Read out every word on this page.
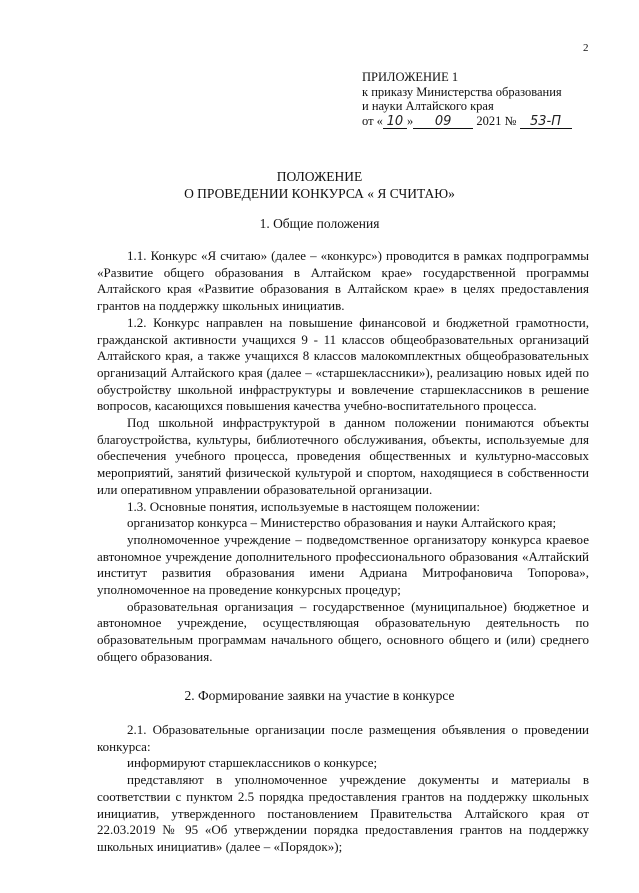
2
ПРИЛОЖЕНИЕ 1
к приказу Министерства образования
и науки Алтайского края
от « 10 » 09 2021 № 53-П
ПОЛОЖЕНИЕ
О ПРОВЕДЕНИИ КОНКУРСА « Я СЧИТАЮ»
1. Общие положения

1.1. Конкурс «Я считаю» (далее – «конкурс») проводится в рамках подпрограммы «Развитие общего образования в Алтайском крае» государственной программы Алтайского края «Развитие образования в Алтайском крае» в целях предоставления грантов на поддержку школьных инициатив.

1.2. Конкурс направлен на повышение финансовой и бюджетной грамотности, гражданской активности учащихся 9 - 11 классов общеобразовательных организаций Алтайского края, а также учащихся 8 классов малокомплектных общеобразовательных организаций Алтайского края (далее – «старшеклассники»), реализацию новых идей по обустройству школьной инфраструктуры и вовлечение старшеклассников в решение вопросов, касающихся повышения качества учебно-воспитательного процесса.

Под школьной инфраструктурой в данном положении понимаются объекты благоустройства, культуры, библиотечного обслуживания, объекты, используемые для обеспечения учебного процесса, проведения общественных и культурно-массовых мероприятий, занятий физической культурой и спортом, находящиеся в собственности или оперативном управлении образовательной организации.

1.3. Основные понятия, используемые в настоящем положении:

организатор конкурса – Министерство образования и науки Алтайского края;

уполномоченное учреждение – подведомственное организатору конкурса краевое автономное учреждение дополнительного профессионального образования «Алтайский институт развития образования имени Адриана Митрофановича Топорова», уполномоченное на проведение конкурсных процедур;

образовательная организация – государственное (муниципальное) бюджетное и автономное учреждение, осуществляющая образовательную деятельность по образовательным программам начального общего, основного общего и (или) среднего общего образования.

2. Формирование заявки на участие в конкурсе

2.1. Образовательные организации после размещения объявления о проведении конкурса:

информируют старшеклассников о конкурсе;

представляют в уполномоченное учреждение документы и материалы в соответствии с пунктом 2.5 порядка предоставления грантов на поддержку школьных инициатив, утвержденного постановлением Правительства Алтайского края от 22.03.2019 № 95 «Об утверждении порядка предоставления грантов на поддержку школьных инициатив» (далее – «Порядок»);
